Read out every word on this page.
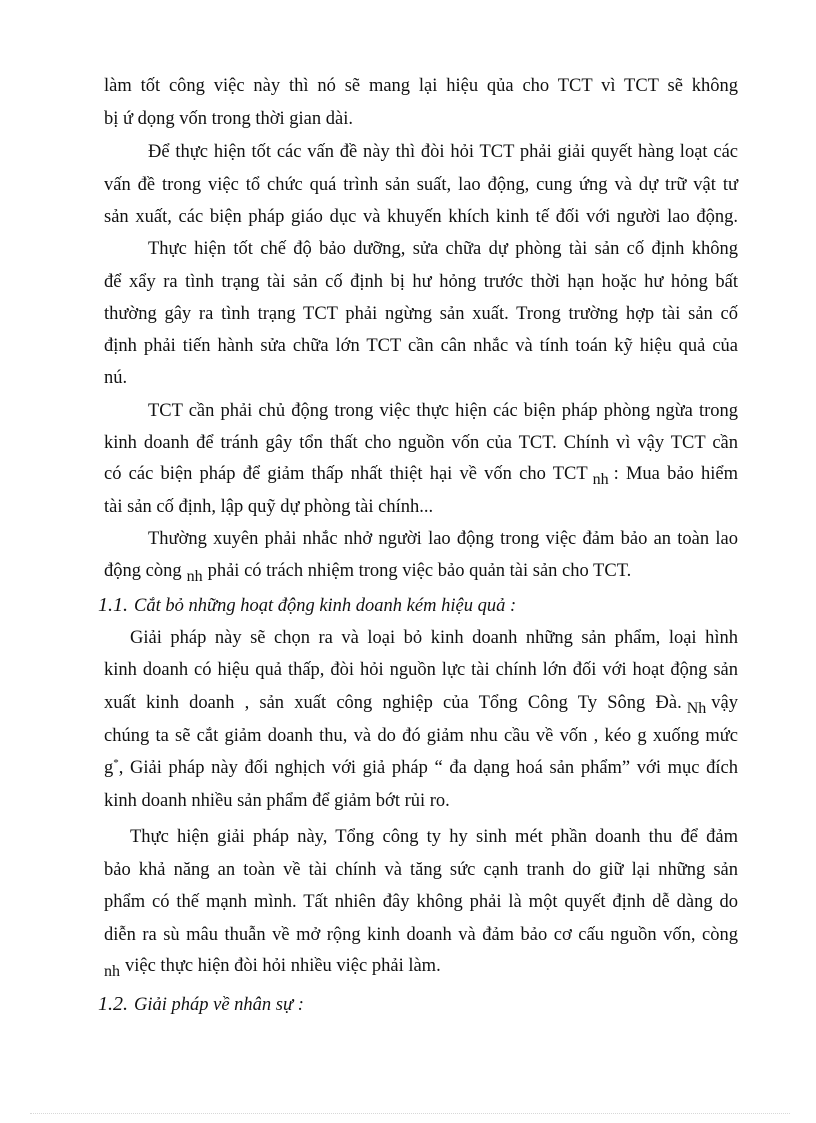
làm tốt công việc này thì nó sẽ mang lại hiệu qủa cho TCT vì TCT sẽ không
bị ứ dọng vốn trong thời gian dài.
Để thực hiện tốt các vấn đề này thì đòi hỏi TCT phải giải quyết hàng loạt các
vấn đề trong việc tổ chức quá trình sản suất, lao động, cung ứng và dự trữ vật tư
sản xuất, các biện pháp giáo dục và khuyến khích kinh tế đối với người lao động.
Thực hiện tốt chế độ bảo dưỡng, sửa chữa dự phòng tài sản cố định không
để xẩy ra tình trạng tài sản cố định bị hư hỏng trước thời hạn hoặc hư hỏng bất
thường gây ra tình trạng TCT phải ngừng sản xuất. Trong trường hợp tài sản cố
định phải tiến hành sửa chữa lớn TCT cần cân nhắc và tính toán kỹ hiệu quả của
nú.
TCT cần phải chủ động trong việc thực hiện các biện pháp phòng ngừa trong
kinh doanh để tránh gây tổn thất cho nguồn vốn của TCT. Chính vì vậy TCT cần
có các biện pháp để giảm thấp nhất thiệt hại về vốn cho TCT nh : Mua bảo hiểm
tài sản cố định, lập quỹ dự phòng tài chính...
Thường xuyên phải nhắc nhở người lao động trong việc đảm bảo an toàn lao
động còng nh phải có trách nhiệm trong việc bảo quản tài sản cho TCT.
1.1. Cắt bỏ những hoạt động kinh doanh kém hiệu quả :
Giải pháp này sẽ chọn ra và loại bỏ kinh doanh những sản phẩm, loại hình
kinh doanh có hiệu quả thấp, đòi hỏi nguồn lực tài chính lớn đối với hoạt động sản
xuất kinh doanh , sản xuất công nghiệp của Tổng Công Ty Sông Đà. Nh vậy
chúng ta sẽ cắt giảm doanh thu, và do đó giảm nhu cầu về vốn , kéo g xuống mức
g*, Giải pháp này đối nghịch với giả pháp “ đa dạng hoá sản phẩm” với mục đích
kinh doanh nhiều sản phẩm để giảm bớt rủi ro.
Thực hiện giải pháp này, Tổng công ty hy sinh mét phần doanh thu để đảm
bảo khả năng an toàn về tài chính và tăng sức cạnh tranh do giữ lại những sản
phẩm có thế mạnh mình. Tất nhiên đây không phải là một quyết định dễ dàng do
diễn ra sù mâu thuẫn về mở rộng kinh doanh và đảm bảo cơ cấu nguồn vốn, còng
nh việc thực hiện đòi hỏi nhiều việc phải làm.
1.2. Giải pháp về nhân sự :
